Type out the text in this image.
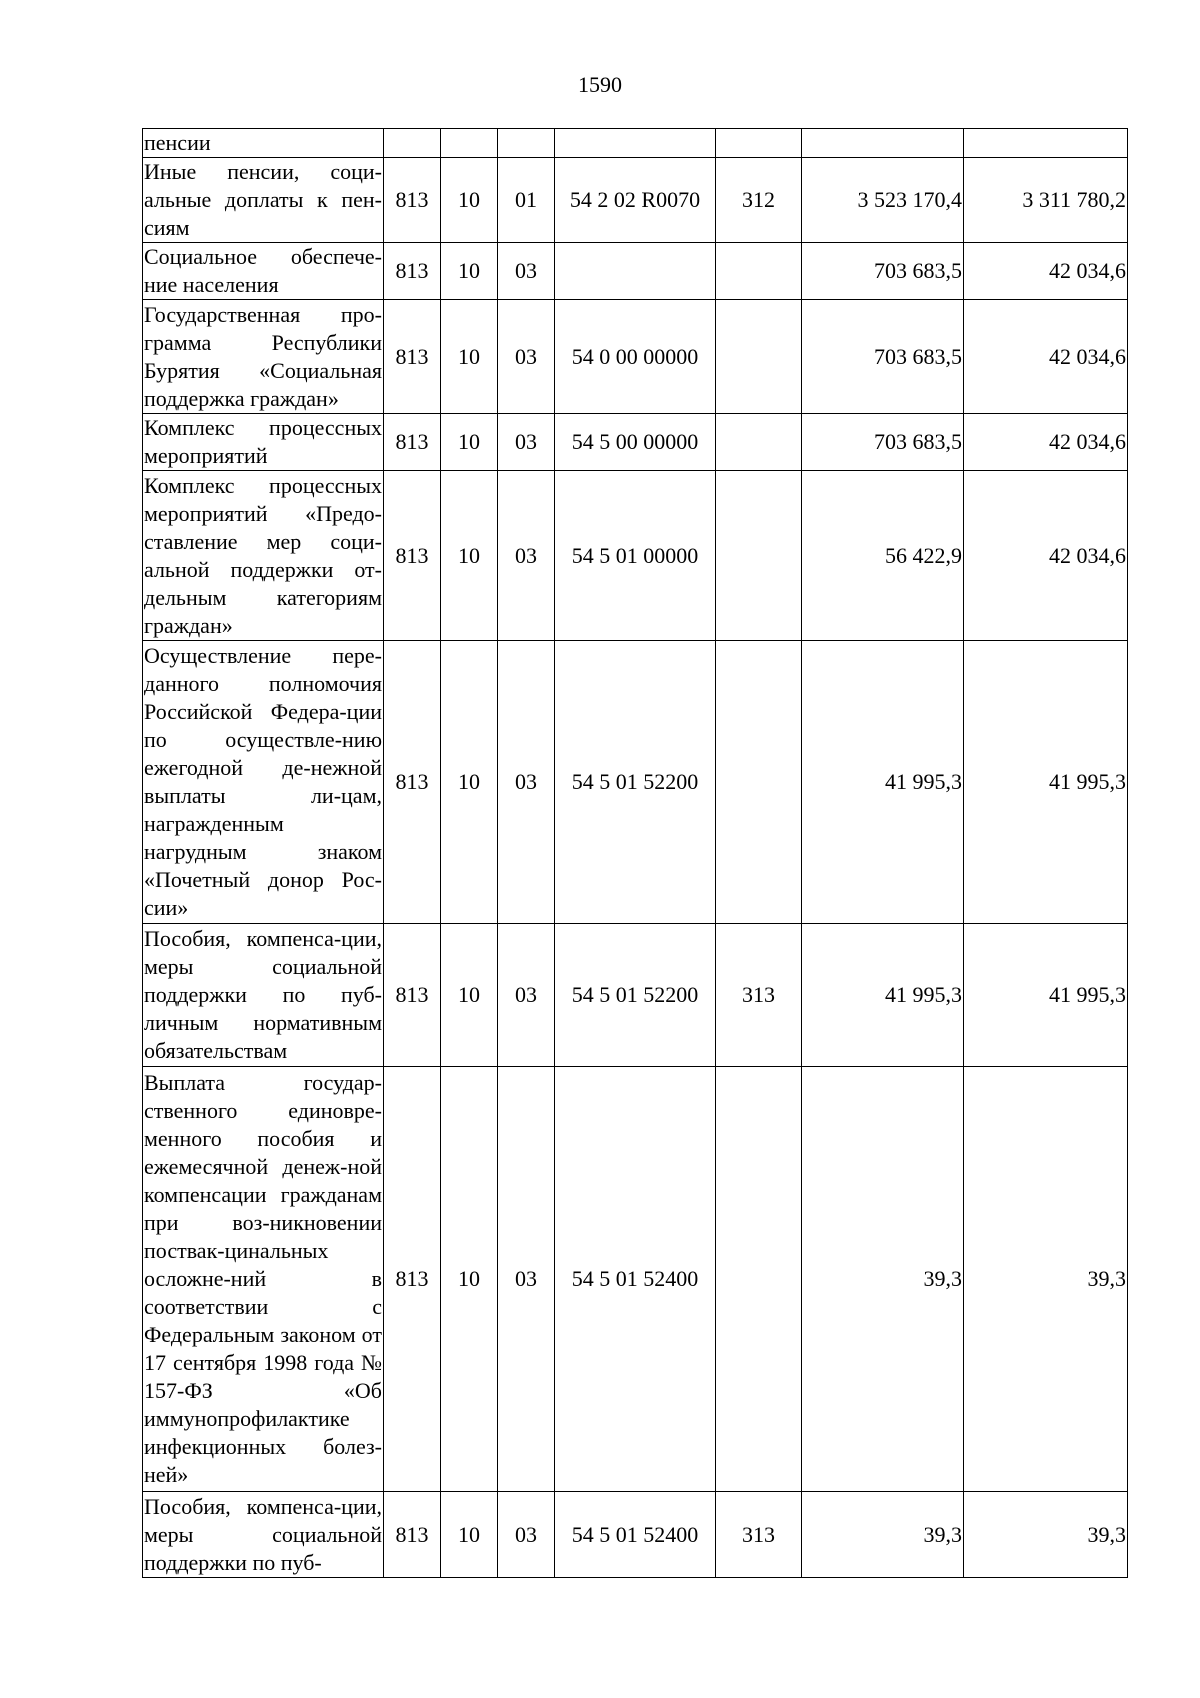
1590
пенсии							
Иные пенсии, соци-альные доплаты к пен-сиям	813	10	01	54 2 02 R0070	312	3 523 170,4	3 311 780,2
Социальное обеспече-ние населения	813	10	03			703 683,5	42 034,6
Государственная про-грамма Республики Бурятия «Социальная поддержка граждан»	813	10	03	54 0 00 00000		703 683,5	42 034,6
Комплекс процессных мероприятий	813	10	03	54 5 00 00000		703 683,5	42 034,6
Комплекс процессных мероприятий «Предо-ставление мер соци-альной поддержки от-дельным категориям граждан»	813	10	03	54 5 01 00000		56 422,9	42 034,6
Осуществление пере-данного полномочия Российской Федера-ции по осуществле-нию ежегодной де-нежной выплаты ли-цам, награжденным нагрудным знаком «Почетный донор Рос-сии»	813	10	03	54 5 01 52200		41 995,3	41 995,3
Пособия, компенса-ции, меры социальной поддержки по пуб-личным нормативным обязательствам	813	10	03	54 5 01 52200	313	41 995,3	41 995,3
Выплата государ-ственного единовре-менного пособия и ежемесячной денеж-ной компенсации гражданам при воз-никновении поствак-цинальных осложне-ний в соответствии с Федеральным законом от 17 сентября 1998 года № 157-ФЗ «Об иммунопрофилактике инфекционных болез-ней»	813	10	03	54 5 01 52400		39,3	39,3
Пособия, компенса-ции, меры социальной поддержки по пуб-	813	10	03	54 5 01 52400	313	39,3	39,3
